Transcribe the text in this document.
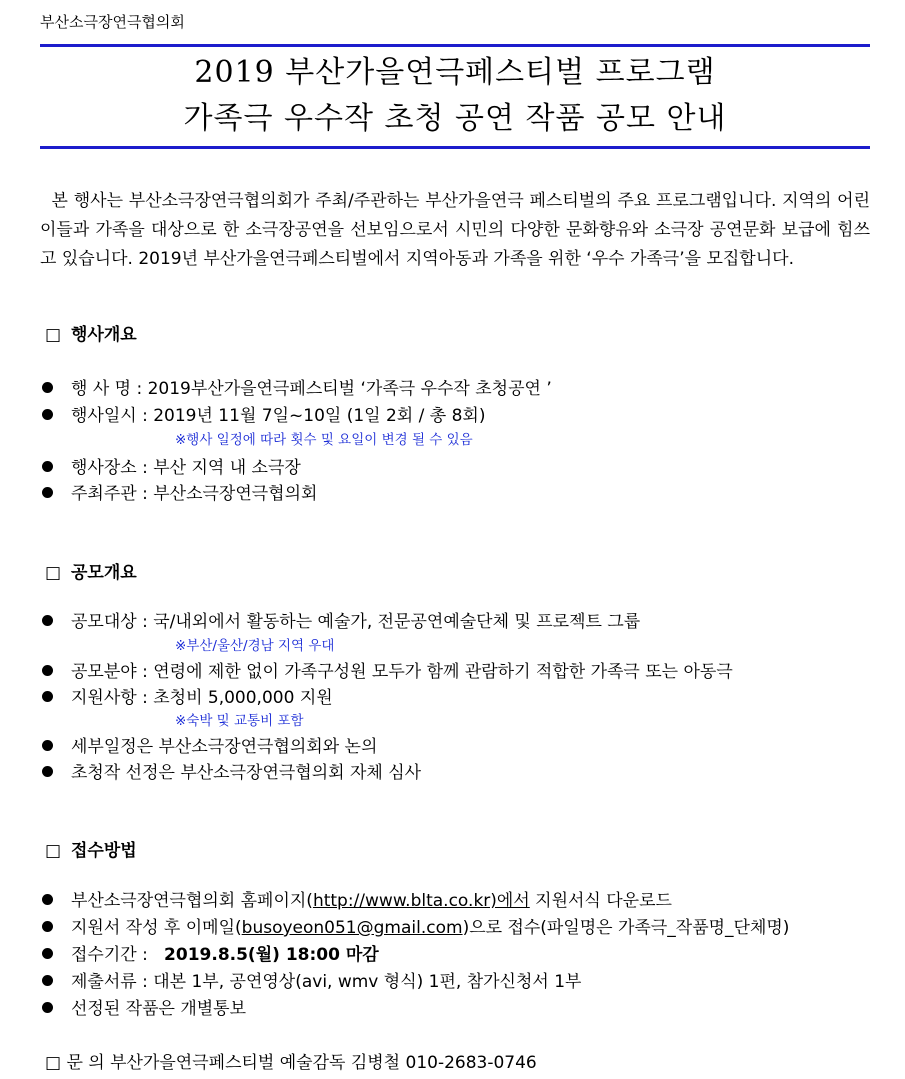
부산소극장연극협의회
2019 부산가을연극페스티벌 프로그램
가족극 우수작 초청 공연 작품 공모 안내
본 행사는 부산소극장연극협의회가 주최/주관하는 부산가을연극 페스티벌의 주요 프로그램입니다. 지역의 어린이들과 가족을 대상으로 한 소극장공연을 선보임으로서 시민의 다양한 문화향유와 소극장 공연문화 보급에 힘쓰고 있습니다. 2019년 부산가을연극페스티벌에서 지역아동과 가족을 위한 ‘우수 가족극’을 모집합니다.
□ 행사개요
행 사 명 : 2019부산가을연극페스티벌 ‘가족극 우수작 초청공연 ’
행사일시 : 2019년 11월 7일~10일 (1일 2회 / 총 8회)
※행사 일정에 따라 횟수 및 요일이 변경 될 수 있음
행사장소 : 부산 지역 내 소극장
주최주관 : 부산소극장연극협의회
□ 공모개요
공모대상 : 국/내외에서 활동하는 예술가, 전문공연예술단체 및 프로젝트 그룹
※부산/울산/경남 지역 우대
공모분야 : 연령에 제한 없이 가족구성원 모두가 함께 관람하기 적합한 가족극 또는 아동극
지원사항 : 초청비 5,000,000 지원
※숙박 및 교통비 포함
세부일정은 부산소극장연극협의회와 논의
초청작 선정은 부산소극장연극협의회 자체 심사
□ 접수방법
부산소극장연극협의회 홈페이지(http://www.blta.co.kr)에서 지원서식 다운로드
지원서 작성 후 이메일(busoyeon051@gmail.com)으로 접수(파일명은 가족극_작품명_단체명)
접수기간 : 2019.8.5(월) 18:00 마감
제출서류 : 대본 1부, 공연영상(avi, wmv 형식) 1편, 참가신청서 1부
선정된 작품은 개별통보
□ 문 의 부산가을연극페스티벌 예술감독 김병철 010-2683-0746
